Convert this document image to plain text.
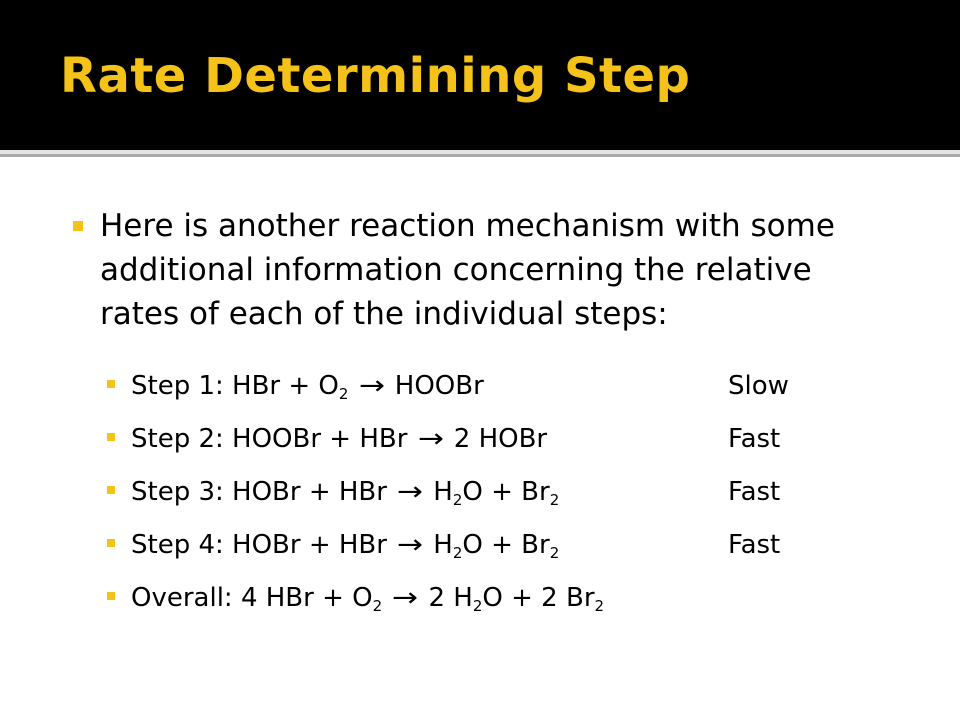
Rate Determining Step

Here is another reaction mechanism with some additional information concerning the relative rates of each of the individual steps:

Step 1: HBr + $O_2$ → HOOBr	Slow
Step 2: HOOBr + HBr → 2 HOBr	Fast
Step 3: HOBr + HBr → $H_2O + Br_2$	Fast
Step 4: HOBr + HBr → $H_2O + Br_2$	Fast
Overall: 4 HBr + $O_2 \to 2$ $H_2O + 2$ $Br_2$
